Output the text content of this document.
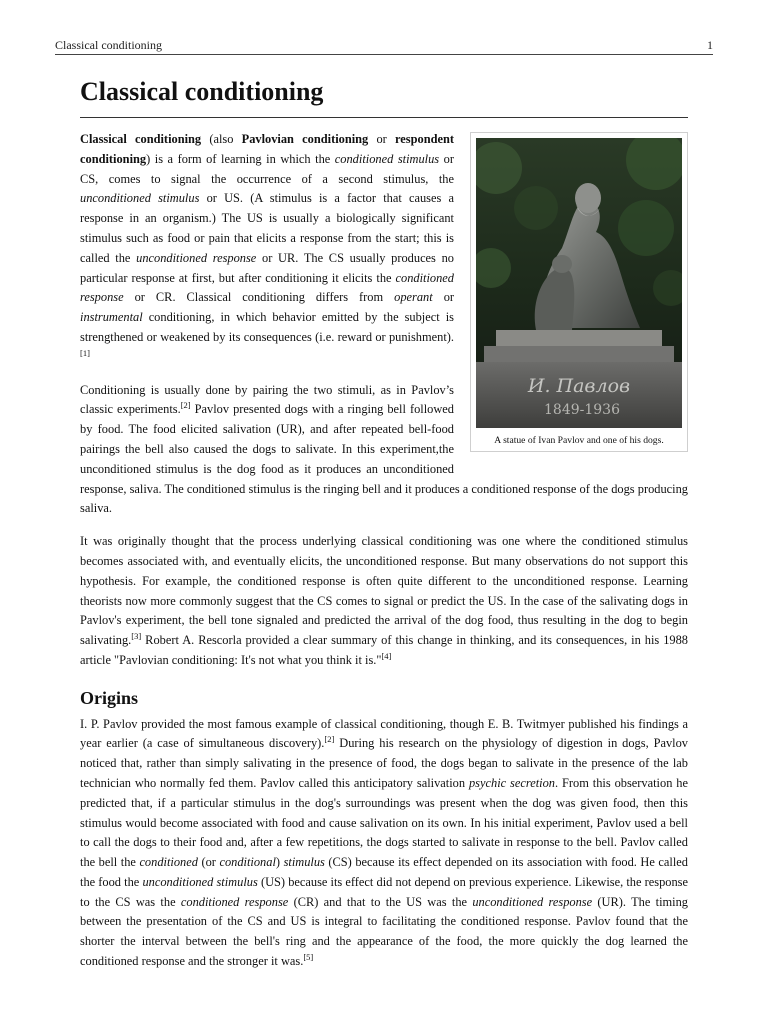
Classical conditioning	1
Classical conditioning
И. Павлов
1849-1936
A statue of Ivan Pavlov and one of his dogs.

Classical conditioning (also Pavlovian conditioning or respondent conditioning) is a form of learning in which the conditioned stimulus or CS, comes to signal the occurrence of a second stimulus, the unconditioned stimulus or US. (A stimulus is a factor that causes a response in an organism.) The US is usually a biologically significant stimulus such as food or pain that elicits a response from the start; this is called the unconditioned response or UR. The CS usually produces no particular response at first, but after conditioning it elicits the conditioned response or CR. Classical conditioning differs from operant or instrumental conditioning, in which behavior emitted by the subject is strengthened or weakened by its consequences (i.e. reward or punishment).[1]

Conditioning is usually done by pairing the two stimuli, as in Pavlov’s classic experiments.[2] Pavlov presented dogs with a ringing bell followed by food. The food elicited salivation (UR), and after repeated bell-food pairings the bell also caused the dogs to salivate. In this experiment,the unconditioned stimulus is the dog food as it produces an unconditioned response, saliva. The conditioned stimulus is the ringing bell and it produces a conditioned response of the dogs producing saliva.

It was originally thought that the process underlying classical conditioning was one where the conditioned stimulus becomes associated with, and eventually elicits, the unconditioned response. But many observations do not support this hypothesis. For example, the conditioned response is often quite different to the unconditioned response. Learning theorists now more commonly suggest that the CS comes to signal or predict the US. In the case of the salivating dogs in Pavlov's experiment, the bell tone signaled and predicted the arrival of the dog food, thus resulting in the dog to begin salivating.[3] Robert A. Rescorla provided a clear summary of this change in thinking, and its consequences, in his 1988 article "Pavlovian conditioning: It's not what you think it is."[4]

Origins

I. P. Pavlov provided the most famous example of classical conditioning, though E. B. Twitmyer published his findings a year earlier (a case of simultaneous discovery).[2] During his research on the physiology of digestion in dogs, Pavlov noticed that, rather than simply salivating in the presence of food, the dogs began to salivate in the presence of the lab technician who normally fed them. Pavlov called this anticipatory salivation psychic secretion. From this observation he predicted that, if a particular stimulus in the dog's surroundings was present when the dog was given food, then this stimulus would become associated with food and cause salivation on its own. In his initial experiment, Pavlov used a bell to call the dogs to their food and, after a few repetitions, the dogs started to salivate in response to the bell. Pavlov called the bell the conditioned (or conditional) stimulus (CS) because its effect depended on its association with food. He called the food the unconditioned stimulus (US) because its effect did not depend on previous experience. Likewise, the response to the CS was the conditioned response (CR) and that to the US was the unconditioned response (UR). The timing between the presentation of the CS and US is integral to facilitating the conditioned response. Pavlov found that the shorter the interval between the bell's ring and the appearance of the food, the more quickly the dog learned the conditioned response and the stronger it was.[5]
